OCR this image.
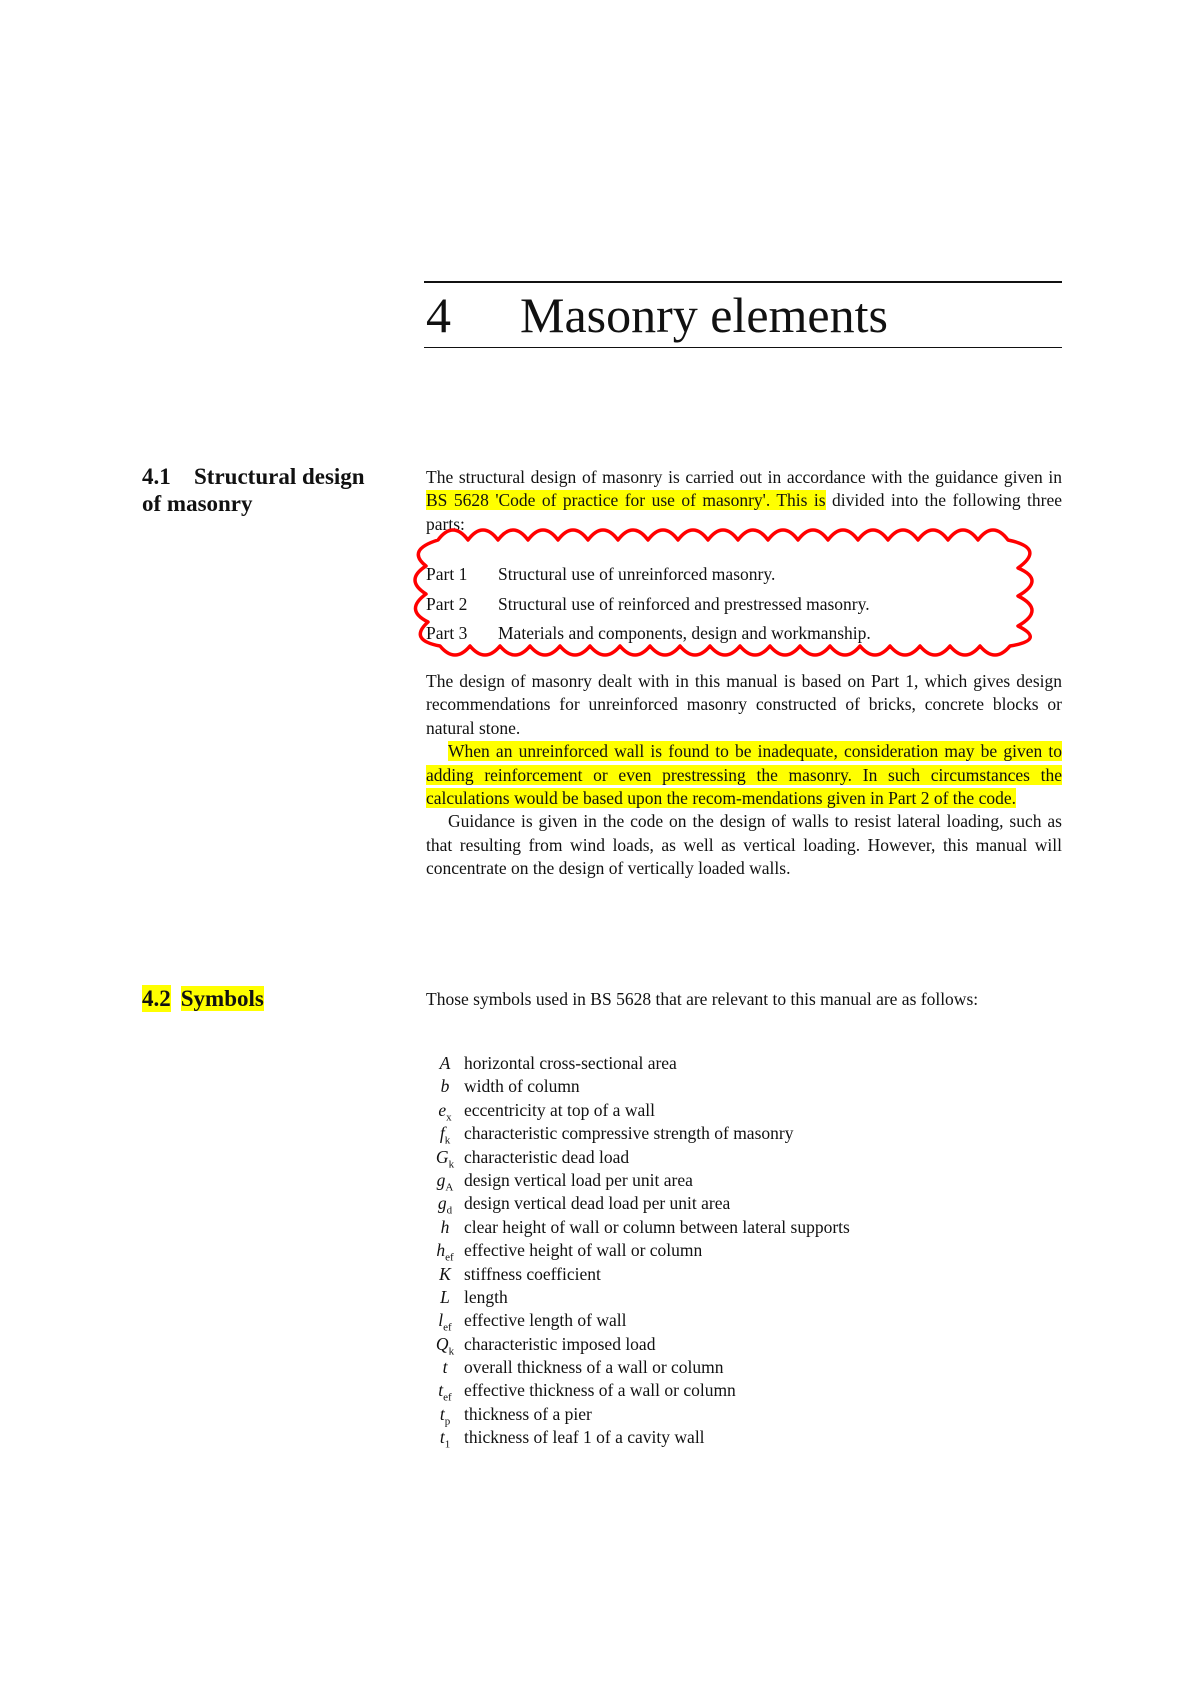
4 Masonry elements
4.1 Structural design
of masonry

The structural design of masonry is carried out in accordance with the guidance given in BS 5628 'Code of practice for use of masonry'. This is divided into the following three parts:

Part 1 Structural use of unreinforced masonry.
Part 2 Structural use of reinforced and prestressed masonry.
Part 3 Materials and components, design and workmanship.

The design of masonry dealt with in this manual is based on Part 1, which gives design recommendations for unreinforced masonry constructed of bricks, concrete blocks or natural stone.

When an unreinforced wall is found to be inadequate, consideration may be given to adding reinforcement or even prestressing the masonry. In such circumstances the calculations would be based upon the recom-mendations given in Part 2 of the code.

Guidance is given in the code on the design of walls to resist lateral loading, such as that resulting from wind loads, as well as vertical loading. However, this manual will concentrate on the design of vertically loaded walls.

4.2 Symbols	Those symbols used in BS 5628 that are relevant to this manual are as follows:

A horizontal cross-sectional area
b width of column
$e_x$ eccentricity at top of a wall
$f_k$ characteristic compressive strength of masonry
$G_k$ characteristic dead load
$g_A$ design vertical load per unit area
$g_d$ design vertical dead load per unit area
h clear height of wall or column between lateral supports
$h_{ef}$ effective height of wall or column
K stiffness coefficient
L length
$l_{ef}$ effective length of wall
$Q_k$ characteristic imposed load
t overall thickness of a wall or column
$t_{ef}$ effective thickness of a wall or column
$t_p$ thickness of a pier
$t_1$ thickness of leaf 1 of a cavity wall
